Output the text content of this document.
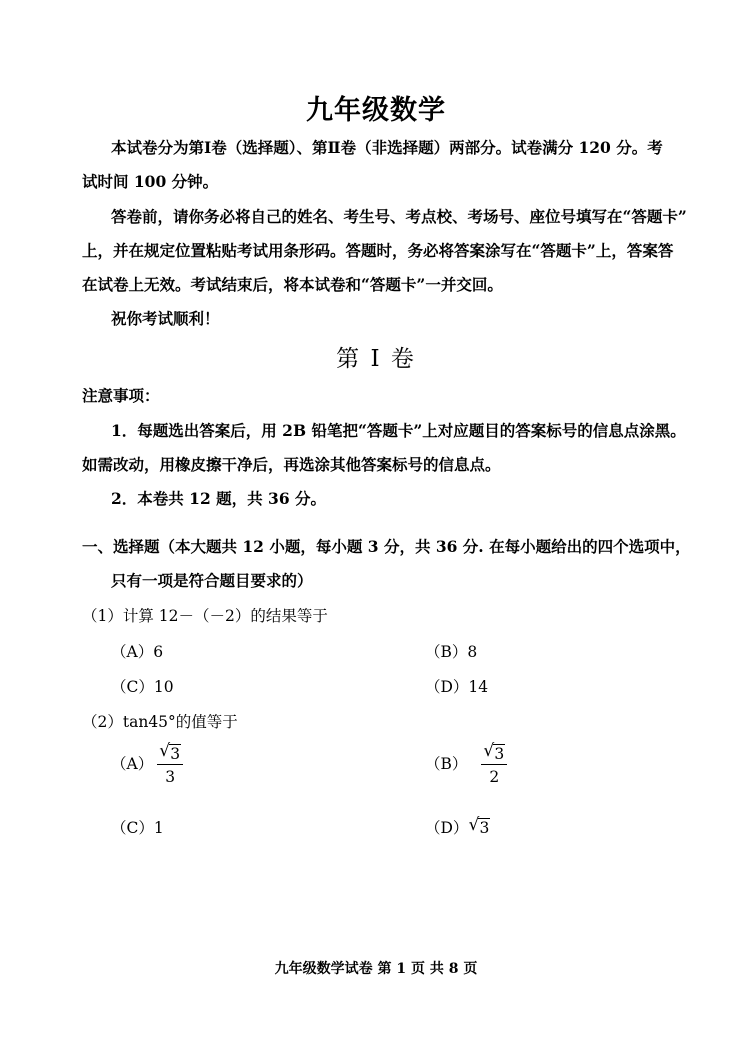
九年级数学
本试卷分为第Ⅰ卷（选择题）、第Ⅱ卷（非选择题）两部分。试卷满分 120 分。考
试时间 100 分钟。
答卷前，请你务必将自己的姓名、考生号、考点校、考场号、座位号填写在“答题卡”
上，并在规定位置粘贴考试用条形码。答题时，务必将答案涂写在“答题卡”上，答案答
在试卷上无效。考试结束后，将本试卷和“答题卡”一并交回。
祝你考试顺利！
第 Ⅰ 卷
注意事项：
1．每题选出答案后，用 2B 铅笔把“答题卡”上对应题目的答案标号的信息点涂黑。
如需改动，用橡皮擦干净后，再选涂其他答案标号的信息点。
2．本卷共 12 题，共 36 分。
一、选择题（本大题共 12 小题，每小题 3 分，共 36 分. 在每小题给出的四个选项中，
只有一项是符合题目要求的）
（1）计算 12－（－2）的结果等于
（A）6	（B）8
（C）10	（D）14
（2）tan45°的值等于
$(A) \frac{√ 3}{3}$	$(B) \frac{√ 3}{2}$
（C）1	（D） √ 3
九年级数学试卷 第 1 页 共 8 页
